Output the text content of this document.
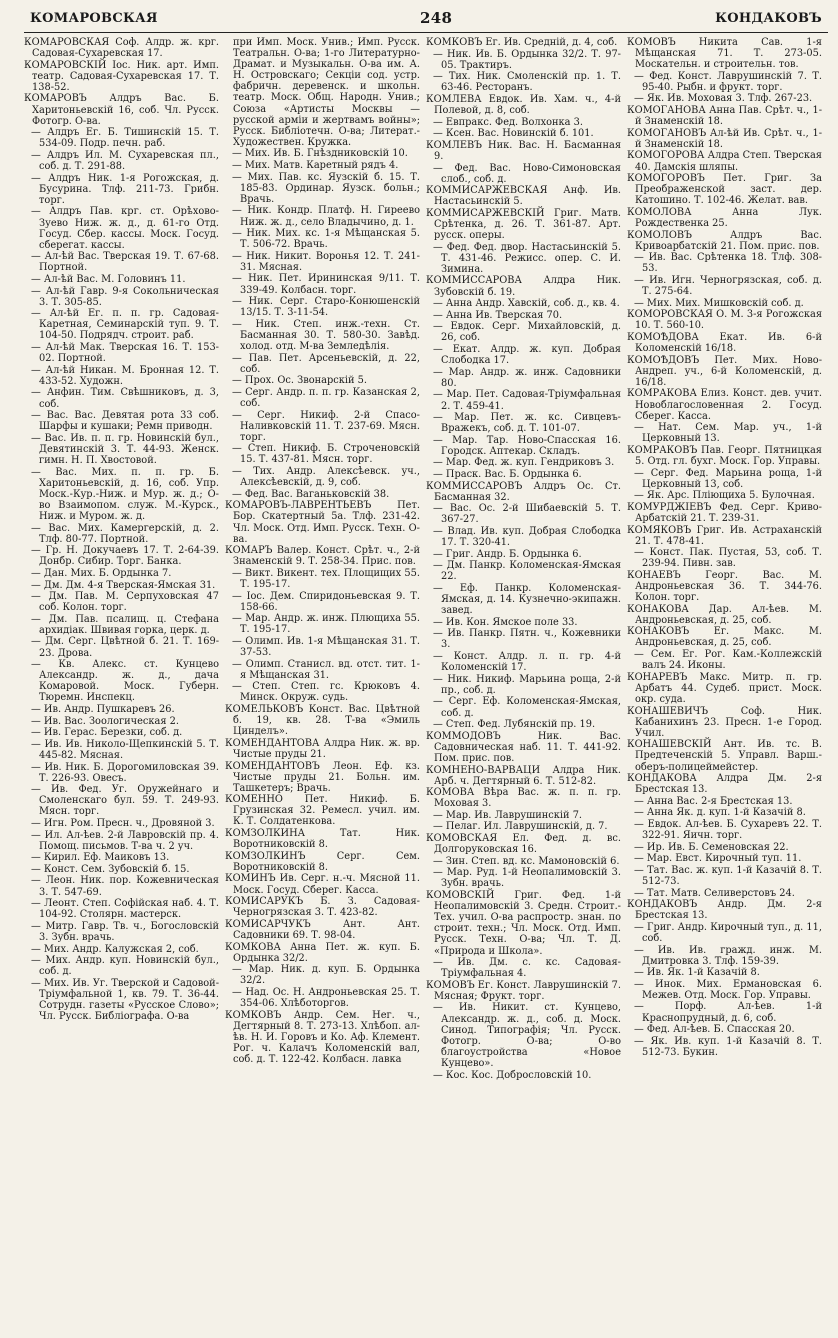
КОМАРОВСКАЯ	248	КОНДАКОВЪ

КОМАРОВСКАЯ Соф. Алдр. ж. крг. Садовая-Сухаревская 17.

КОМАРОВСКІЙ Іос. Ник. арт. Имп. театр. Садовая-Сухаревская 17. Т. 138-52.

КОМАРОВЪ Алдръ Вас. Б. Харитоньевскій 16, соб. Чл. Русск. Фотогр. О-ва.

— Алдръ Ег. Б. Тишинскій 15. Т. 534-09. Подр. печн. раб.

— Алдръ Ил. М. Сухаревская пл., соб. д. Т. 291-88.

— Алдръ Ник. 1-я Рогожская, д. Бусурина. Тлф. 211-73. Грибн. торг.

— Алдръ Пав. крг. ст. Орѣхово-Зуево Ниж. ж. д., д. 61-го Отд. Госуд. Сбер. кассы. Моск. Госуд. сберегат. кассы.

— Ал-ѣй Вас. Тверская 19. Т. 67-68. Портной.

— Ал-ѣй Вас. М. Головинъ 11.

— Ал-ѣй Гавр. 9-я Сокольническая 3. Т. 305-85.

— Ал-ѣй Ег. п. п. гр. Садовая-Каретная, Семинарскій туп. 9. Т. 104-50. Подрядч. строит. раб.

— Ал-ѣй Мак. Тверская 16. Т. 153-02. Портной.

— Ал-ѣй Никан. М. Бронная 12. Т. 433-52. Художн.

— Анфин. Тим. Свѣшниковъ, д. 3, соб.

— Вас. Вас. Девятая рота 33 соб. Шарфы и кушаки; Ремн приводн.

— Вас. Ив. п. п. гр. Новинскій бул., Девятинскій 3. Т. 44-93. Женск. гимн. Н. П. Хвостовой.

— Вас. Мих. п. п. гр. Б. Харитоньевскій, д. 16, соб. Упр. Моск.-Кур.-Ниж. и Мур. ж. д.; О-во Взаимопом. служ. М.-Курск., Ниж. и Муром. ж. д.

— Вас. Мих. Камергерскій, д. 2. Тлф. 80-77. Портной.

— Гр. Н. Докучаевъ 17. Т. 2-64-39. Донбр. Сибир. Торг. Банка.

— Дан. Мих. Б. Ордынка 7.

— Дм. Дм. 4-я Тверская-Ямская 31.

— Дм. Пав. М. Серпуховская 47 соб. Колон. торг.

— Дм. Пав. псалищ. ц. Стефана архидіак. Швивая горка, церк. д.

— Дм. Серг. Цвѣтной б. 21. Т. 169-23. Дрова.

— Кв. Алекс. ст. Кунцево Александр. ж. д., дача Комаровой. Моск. Губерн. Тюремн. Инспекц.

— Ив. Андр. Пушкаревъ 26.

— Ив. Вас. Зоологическая 2.

— Ив. Герас. Березки, соб. д.

— Ив. Ив. Николо-Щепкинскій 5. Т. 445-82. Мясная.

— Ив. Ник. Б. Дорогомиловская 39. Т. 226-93. Овесъ.

— Ив. Фед. Уг. Оружейнаго и Смоленскаго бул. 59. Т. 249-93. Мясн. торг.

— Игн. Ром. Пресн. ч., Дровяной 3.

— Ил. Ал-ѣев. 2-й Лавровскій пр. 4. Помощ. письмов. Т-ва ч. 2 уч.

— Кирил. Еф. Маиковъ 13.

— Конст. Сем. Зубовскій б. 15.

— Леон. Ник. пор. Кожевническая 3. Т. 547-69.

— Леонт. Степ. Софійская наб. 4. Т. 104-92. Столярн. мастерск.

— Митр. Гавр. Тв. ч., Богословскій 3. Зубн. врачь.

— Мих. Андр. Калужская 2, соб.

— Мих. Андр. куп. Новинскій бул., соб. д.

— Мих. Ив. Уг. Тверской и Садовой-Тріумфальной 1, кв. 79. Т. 36-44. Сотрудн. газеты «Русское Слово»; Чл. Русск. Библіографа. О-ва

при Имп. Моск. Унив.; Имп. Русск. Театральн. О-ва; 1-го Литературно-Драмат. и Музыкальн. О-ва им. А. Н. Островскаго; Секціи сод. устр. фабричн. деревенск. и школьн. театр. Моск. Общ. Народн. Унив.; Союза «Артисты Москвы — русской арміи и жертвамъ войны»; Русск. Библіотечн. О-ва; Литерат.-Художествен. Кружка.

— Мих. Ив. Б. Гнѣздниковскій 10.

— Мих. Матв. Каретный рядъ 4.

— Мих. Пав. кс. Яузскій б. 15. Т. 185-83. Ординар. Яузск. больн.; Врачь.

— Ник. Кондр. Платф. Н. Гиреево Ниж. ж. д., село Владычино, д. 1.

— Ник. Мих. кс. 1-я Мѣщанская 5. Т. 506-72. Врачь.

— Ник. Никит. Воронья 12. Т. 241-31. Мясная.

— Ник. Пет. Ирининская 9/11. Т. 339-49. Колбасн. торг.

— Ник. Серг. Старо-Конюшенскій 13/15. Т. 3-11-54.

— Ник. Степ. инж.-техн. Ст. Басманная 30. Т. 580-30. Завѣд. холод. отд. М-ва Земледѣлія.

— Пав. Пет. Арсеньевскій, д. 22, соб.

— Прох. Ос. Звонарскій 5.

— Серг. Андр. п. п. гр. Казанская 2, соб.

— Серг. Никиф. 2-й Спасо-Наливковскій 11. Т. 237-69. Мясн. торг.

— Степ. Никиф. Б. Строченовскій 15. Т. 437-81. Мясн. торг.

— Тих. Андр. Алексѣевск. уч., Алексѣевскій, д. 9, соб.

— Фед. Вас. Ваганьковскій 38.

КОМАРОВЪ-ЛАВРЕНТЬЕВЪ Пет. Бор. Скатертный 5а. Тлф. 231-42. Чл. Моск. Отд. Имп. Русск. Техн. О-ва.

КОМАРЪ Валер. Конст. Срѣт. ч., 2-й Знаменскій 9. Т. 258-34. Прис. пов.

— Викт. Викент. тех. Площищих 55. Т. 195-17.

— Іос. Дем. Спиридоньевская 9. Т. 158-66.

— Мар. Андр. ж. инж. Плющиха 55. Т. 195-17.

— Олимп. Ив. 1-я Мѣщанская 31. Т. 37-53.

— Олимп. Станисл. вд. отст. тит. 1-я Мѣщанская 31.

— Степ. Степ. гс. Крюковъ 4. Минск. Окруж. судь.

КОМЕЛЬКОВЪ Конст. Вас. Цвѣтной б. 19, кв. 28. Т-ва «Эмиль Цинделъ».

КОМЕНДАНТОВА Алдра Ник. ж. вр. Чистые пруды 21.

КОМЕНДАНТОВЪ Леон. Еф. кз. Чистые пруды 21. Больн. им. Ташкетеръ; Врачь.

КОМЕННО Пет. Никиф. Б. Грузинская 32. Ремесл. учил. им. К. Т. Солдатенкова.

КОМЗОЛКИНА Тат. Ник. Воротниковскій 8.

КОМЗОЛКИНЪ Серг. Сем. Воротниковскій 8.

КОМИНЪ Ив. Серг. н.-ч. Мясной 11. Моск. Госуд. Сберег. Касса.

КОМИСАРУКЪ Б. З. Садовая-Черногрязская 3. Т. 423-82.

КОМИСАРЧУКЪ Ант. Ант. Садовники 69. Т. 98-04.

КОМКОВА Анна Пет. ж. куп. Б. Ордынка 32/2.

— Мар. Ник. д. куп. Б. Ордынка 32/2.

— Над. Ос. Н. Андроньевская 25. Т. 354-06. Хлѣботоргов.

КОМКОВЪ Андр. Сем. Нег. ч., Дегтярный 8. Т. 273-13. Хлѣбоп. ал-ѣв. Н. И. Горовъ и Ко. Аф. Клемент. Рог. ч. Калачъ Коломенскій вал, соб. д. Т. 122-42. Колбасн. лавка

КОМКОВЪ Ег. Ив. Средній, д. 4, соб.

— Ник. Ив. Б. Ордынка 32/2. Т. 97-05. Трактиръ.

— Тих. Ник. Смоленскій пр. 1. Т. 63-46. Ресторанъ.

КОМЛЕВА Евдок. Ив. Хам. ч., 4-й Полевой, д. 8, соб.

— Евпракс. Фед. Волхонка 3.

— Ксен. Вас. Новинскій б. 101.

КОМЛЕВЪ Ник. Вас. Н. Басманная 9.

— Фед. Вас. Ново-Симоновская слоб., соб. д.

КОММИСАРЖЕВСКАЯ Анф. Ив. Настасьинскій 5.

КОММИСАРЖЕВСКІЙ Григ. Матв. Срѣтенка, д. 26. Т. 361-87. Арт. русск. оперы.

— Фед. Фед. двор. Настасьинскій 5. Т. 431-46. Режисс. опер. С. И. Зимина.

КОММИССАРОВА Алдра Ник. Зубовскій б. 19.

— Анна Андр. Хавскій, соб. д., кв. 4.

— Анна Ив. Тверская 70.

— Евдок. Серг. Михайловскій, д. 26, соб.

— Екат. Алдр. ж. куп. Добрая Слободка 17.

— Мар. Андр. ж. инж. Садовники 80.

— Мар. Пет. Садовая-Тріумфальная 2. Т. 459-41.

— Мар. Пет. ж. кс. Сивцевъ-Вражекъ, соб. д. Т. 101-07.

— Мар. Тар. Ново-Спасская 16. Городск. Аптекар. Складъ.

— Мар. Фед. ж. куп. Гендриковъ 3.

— Праск. Вас. Б. Ордынка 6.

КОММИССАРОВЪ Алдръ Ос. Ст. Басманная 32.

— Вас. Ос. 2-й Шибаевскій 5. Т. 367-27.

— Влад. Ив. куп. Добрая Слободка 17. Т. 320-41.

— Григ. Андр. Б. Ордынка 6.

— Дм. Панкр. Коломенская-Ямская 22.

— Еф. Панкр. Коломенская-Ямская, д. 14. Кузнечно-экипажн. завед.

— Ив. Кон. Ямское поле 33.

— Ив. Панкр. Пятн. ч., Кожевники 3.

— Конст. Алдр. л. п. гр. 4-й Коломенскій 17.

— Ник. Никиф. Марьина роща, 2-й пр., соб. д.

— Серг. Еф. Коломенская-Ямская, соб. д.

— Степ. Фед. Лубянскій пр. 19.

КОММОДОВЪ Ник. Вас. Садовническая наб. 11. Т. 441-92. Пом. прис. пов.

КОМНЕНО-ВАРВАЦИ Алдра Ник. Арб. ч. Дегтярный 6. Т. 512-82.

КОМОВА Вѣра Вас. ж. п. п. гр. Моховая 3.

— Мар. Ив. Лаврушинскій 7.

— Пелаг. Ил. Лаврушинскій, д. 7.

КОМОВСКАЯ Ел. Фед. д. вс. Долгоруковская 16.

— Зин. Степ. вд. кс. Мамоновскій 6.

— Мар. Руд. 1-й Неопалимовскій 3. Зубн. врачь.

КОМОВСКІЙ Григ. Фед. 1-й Неопалимовскій 3. Средн. Строит.-Тех. учил. О-ва распростр. знан. по строит. техн.; Чл. Моск. Отд. Имп. Русск. Техн. О-ва; Чл. Т. Д. «Природа и Школа».

— Ив. Дм. с. кс. Садовая-Тріумфальная 4.

КОМОВЪ Ег. Конст. Лаврушинскій 7. Мясная; Фрукт. торг.

— Ив. Никит. ст. Кунцево, Александр. ж. д., соб. д. Моск. Синод. Типографія; Чл. Русск. Фотогр. О-ва; О-во благоустройства «Новое Кунцево».

— Кос. Кос. Добрословскій 10.

КОМОВЪ Никита Сав. 1-я Мѣщанская 71. Т. 273-05. Москательн. и строительн. тов.

— Фед. Конст. Лаврушинскій 7. Т. 95-40. Рыбн. и фрукт. торг.

— Як. Ив. Моховая 3. Тлф. 267-23.

КОМОГАНОВА Анна Пав. Срѣт. ч., 1-й Знаменскій 18.

КОМОГАНОВЪ Ал-ѣй Ив. Срѣт. ч., 1-й Знаменскій 18.

КОМОГОРОВА Алдра Степ. Тверская 40. Дамскія шляпы.

КОМОГОРОВЪ Пет. Григ. За Преображенской заст. дер. Катошино. Т. 102-46. Желат. вав.

КОМОЛОВА Анна Лук. Рождественка 25.

КОМОЛОВЪ Алдръ Вас. Кривоарбатскій 21. Пом. прис. пов.

— Ив. Вас. Срѣтенка 18. Тлф. 308-53.

— Ив. Игн. Черногрязская, соб. д. Т. 275-64.

— Мих. Мих. Мишковскій соб. д.

КОМОРОВСКАЯ О. М. 3-я Рогожская 10. Т. 560-10.

КОМОѢДОВА Екат. Ив. 6-й Коломенскій 16/18.

КОМОѢДОВЪ Пет. Мих. Ново-Андреп. уч., 6-й Коломенскій, д. 16/18.

КОМРАКОВА Елиз. Конст. дев. учит. Новоблагословенная 2. Госуд. Сберег. Касса.

— Нат. Сем. Мар. уч., 1-й Церковный 13.

КОМРАКОВЪ Пав. Георг. Пятницкая 5. Отд. гл. бухг. Моск. Гор. Управы.

— Серг. Фед. Марьина роща, 1-й Церковный 13, соб.

— Як. Арс. Пліющиха 5. Булочная.

КОМУРДЖІЕВЪ Фед. Серг. Криво-Арбатскій 21. Т. 239-31.

КОМЯКОВЪ Григ. Ив. Астраханскій 21. Т. 478-41.

— Конст. Пак. Пустая, 53, соб. Т. 239-94. Пивн. зав.

КОНАЕВЪ Георг. Вас. М. Андроньевская 36. Т. 344-76. Колон. торг.

КОНАКОВА Дар. Ал-ѣев. М. Андроньевская, д. 25, соб.

КОНАКОВЪ Ег. Макс. М. Андроньевская, д. 25, соб.

— Сем. Ег. Рог. Кам.-Коллежскій валъ 24. Иконы.

КОНАРЕВЪ Макс. Митр. п. гр. Арбатъ 44. Судеб. прист. Моск. окр. суда.

КОНАШЕВИЧЪ Соф. Ник. Кабанихинъ 23. Пресн. 1-е Город. Учил.

КОНАШЕВСКІЙ Ант. Ив. тс. В. Предтеченскій 5. Управл. Варш.-оберъ-полицеймейстер.

КОНДАКОВА Алдра Дм. 2-я Брестская 13.

— Анна Вас. 2-я Брестская 13.

— Анна Як. д. куп. 1-й Казачій 8.

— Евдок. Ал-ѣев. Б. Сухаревъ 22. Т. 322-91. Яичн. торг.

— Ир. Ив. Б. Семеновская 22.

— Мар. Евст. Кирочный туп. 11.

— Тат. Вас. ж. куп. 1-й Казачій 8. Т. 512-73.

— Тат. Матв. Селиверстовъ 24.

КОНДАКОВЪ Андр. Дм. 2-я Брестская 13.

— Григ. Андр. Кирочный туп., д. 11, соб.

— Ив. Ив. гражд. инж. М. Дмитровка 3. Тлф. 159-39.

— Ив. Як. 1-й Казачій 8.

— Инок. Мих. Ермановская 6. Межев. Отд. Моск. Гор. Управы.

— Порф. Ал-ѣев. 1-й Краснопрудный, д. 6, соб.

— Фед. Ал-ѣев. Б. Спасская 20.

— Як. Ив. куп. 1-й Казачій 8. Т. 512-73. Букин.
